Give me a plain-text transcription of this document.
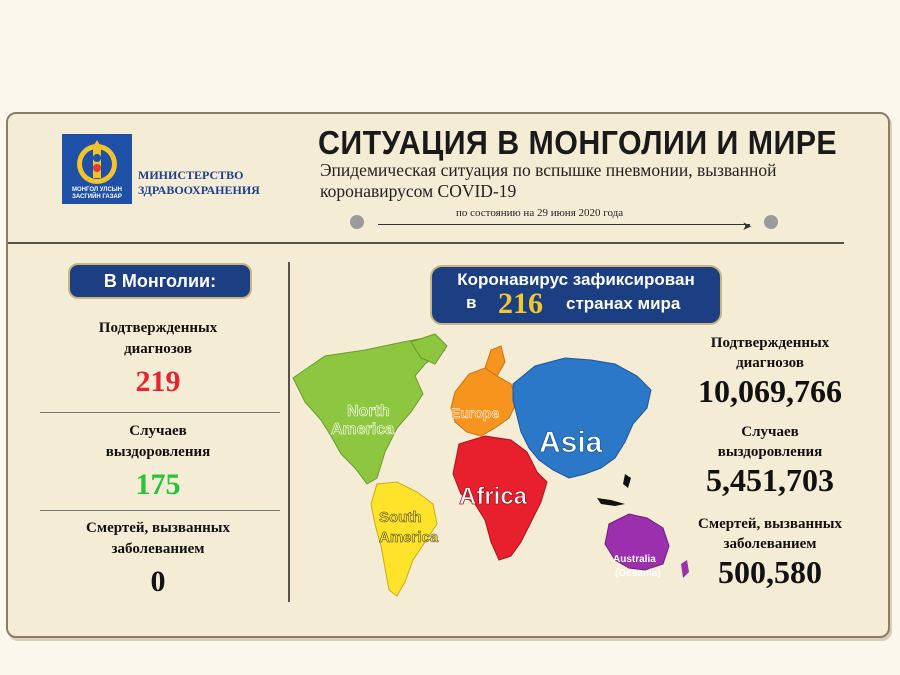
МОНГОЛ УЛСЫН
ЗАСГИЙН ГАЗАР
МИНИСТЕРСТВО
ЗДРАВООХРАНЕНИЯ
СИТУАЦИЯ В МОНГОЛИИ И МИРЕ
Эпидемическая ситуация по вспышке пневмонии, вызванной
коронавирусом COVID-19
➤
по состоянию на 29 июня 2020 года
В Монголии:
Подтвержденных
диагнозов
219
Случаев
выздоровления
175
Смертей, вызванных
заболеванием
0
Коронавирус зафиксирован
в 216 странах мира
North
America
South
America
Europe
Africa
Asia
Australia
(Oceania)
Подтвержденных
диагнозов
10,069,766
Случаев
выздоровления
5,451,703
Смертей, вызванных
заболеванием
500,580
